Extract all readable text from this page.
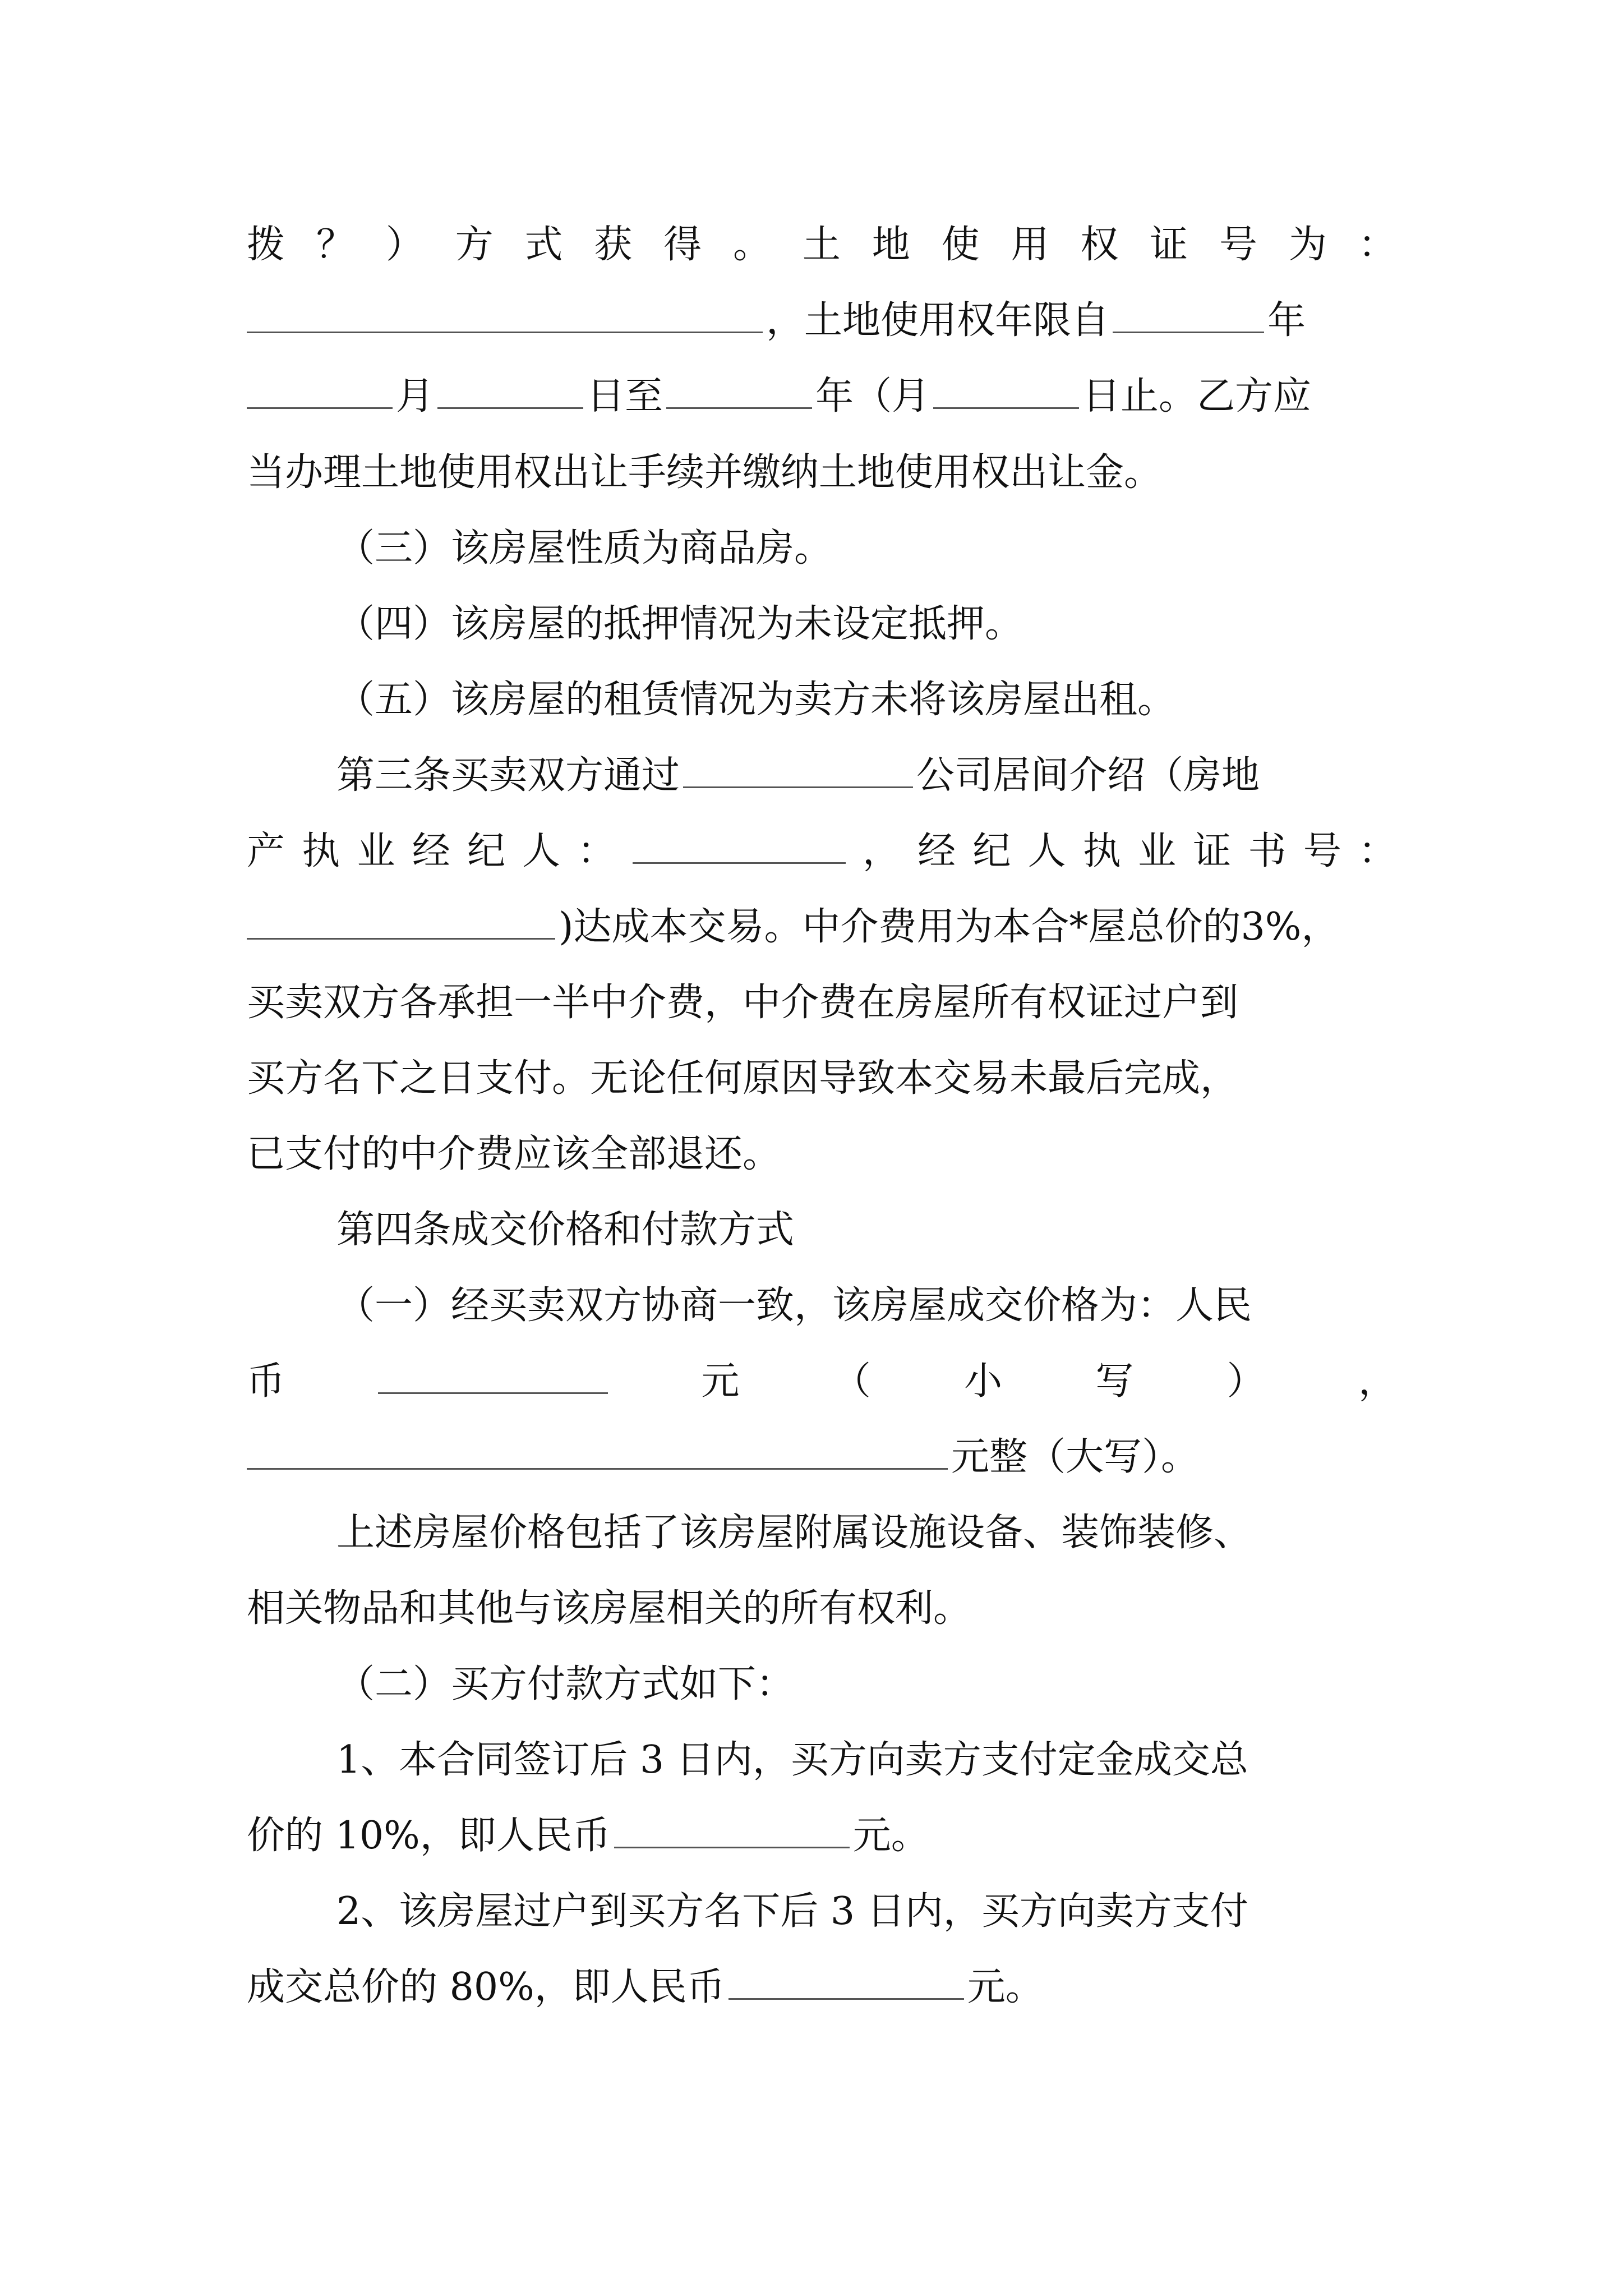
拨 ？ ） 方 式 获 得 。 土 地 使 用 权 证 号 为 ：
，土地使用权年限自	年
月	日至	年（月	日止。乙方应
当办理土地使用权出让手续并缴纳土地使用权出让金。
（三）该房屋性质为商品房。
（四）该房屋的抵押情况为未设定抵押。
（五）该房屋的租赁情况为卖方未将该房屋出租。
第三条买卖双方通过	公司居间介绍（房地
产 执 业 经 纪 人 ：	， 经 纪 人 执 业 证 书 号 ：
)达成本交易。中介费用为本合*屋总价的3%，
买卖双方各承担一半中介费，中介费在房屋所有权证过户到
买方名下之日支付。无论任何原因导致本交易未最后完成，
已支付的中介费应该全部退还。
第四条成交价格和付款方式
（一）经买卖双方协商一致，该房屋成交价格为：人民
币	元 （ 小 写 ） ，
元整（大写）。
上述房屋价格包括了该房屋附属设施设备、装饰装修、
相关物品和其他与该房屋相关的所有权利。
（二）买方付款方式如下：
1、本合同签订后 3 日内，买方向卖方支付定金成交总
价的 10%，即人民币	元。
2、该房屋过户到买方名下后 3 日内，买方向卖方支付
成交总价的 80%，即人民币	元。
